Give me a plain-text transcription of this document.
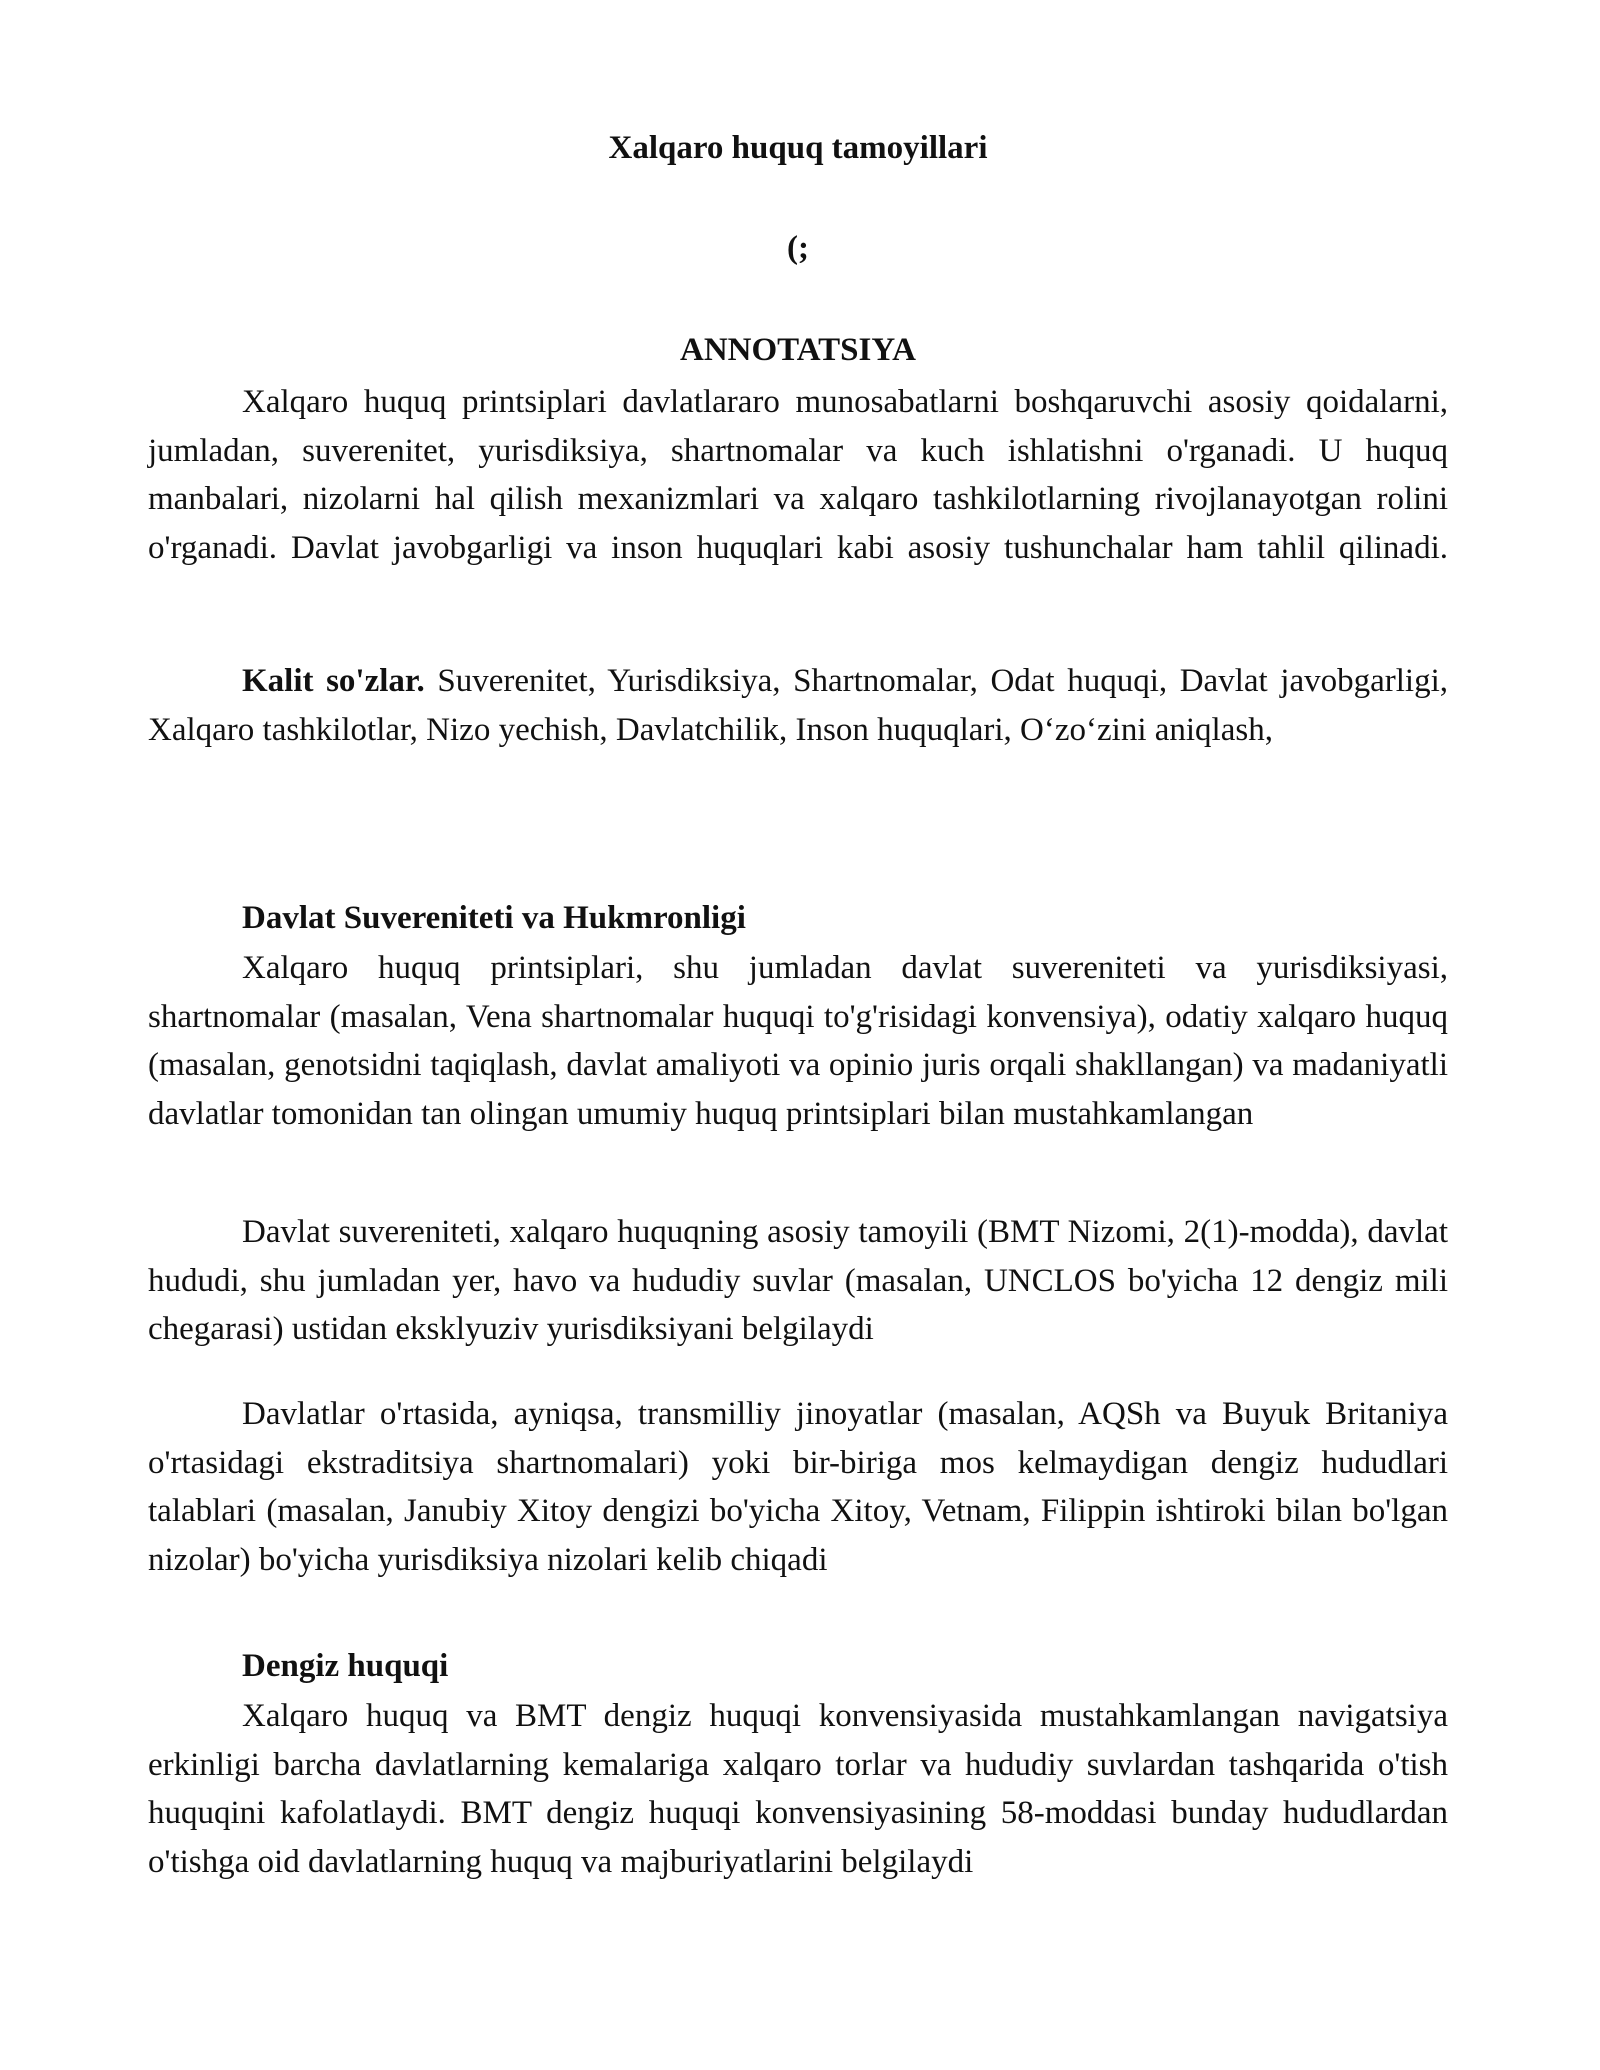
Xalqaro huquq tamoyillari
(;
ANNOTATSIYA

Xalqaro huquq printsiplari davlatlararo munosabatlarni boshqaruvchi asosiy qoidalarni, jumladan, suverenitet, yurisdiksiya, shartnomalar va kuch ishlatishni o'rganadi. U huquq manbalari, nizolarni hal qilish mexanizmlari va xalqaro tashkilotlarning rivojlanayotgan rolini o'rganadi. Davlat javobgarligi va inson huquqlari kabi asosiy tushunchalar ham tahlil qilinadi.

Kalit so'zlar. Suverenitet, Yurisdiksiya, Shartnomalar, Odat huquqi, Davlat javobgarligi, Xalqaro tashkilotlar, Nizo yechish, Davlatchilik, Inson huquqlari, O‘zo‘zini aniqlash,

Davlat Suvereniteti va Hukmronligi

Xalqaro huquq printsiplari, shu jumladan davlat suvereniteti va yurisdiksiyasi, shartnomalar (masalan, Vena shartnomalar huquqi to'g'risidagi konvensiya), odatiy xalqaro huquq (masalan, genotsidni taqiqlash, davlat amaliyoti va opinio juris orqali shakllangan) va madaniyatli davlatlar tomonidan tan olingan umumiy huquq printsiplari bilan mustahkamlangan

Davlat suvereniteti, xalqaro huquqning asosiy tamoyili (BMT Nizomi, 2(1)-modda), davlat hududi, shu jumladan yer, havo va hududiy suvlar (masalan, UNCLOS bo'yicha 12 dengiz mili chegarasi) ustidan eksklyuziv yurisdiksiyani belgilaydi

Davlatlar o'rtasida, ayniqsa, transmilliy jinoyatlar (masalan, AQSh va Buyuk Britaniya o'rtasidagi ekstraditsiya shartnomalari) yoki bir-biriga mos kelmaydigan dengiz hududlari talablari (masalan, Janubiy Xitoy dengizi bo'yicha Xitoy, Vetnam, Filippin ishtiroki bilan bo'lgan nizolar) bo'yicha yurisdiksiya nizolari kelib chiqadi

Dengiz huquqi

Xalqaro huquq va BMT dengiz huquqi konvensiyasida mustahkamlangan navigatsiya erkinligi barcha davlatlarning kemalariga xalqaro torlar va hududiy suvlardan tashqarida o'tish huquqini kafolatlaydi. BMT dengiz huquqi konvensiyasining 58-moddasi bunday hududlardan o'tishga oid davlatlarning huquq va majburiyatlarini belgilaydi
